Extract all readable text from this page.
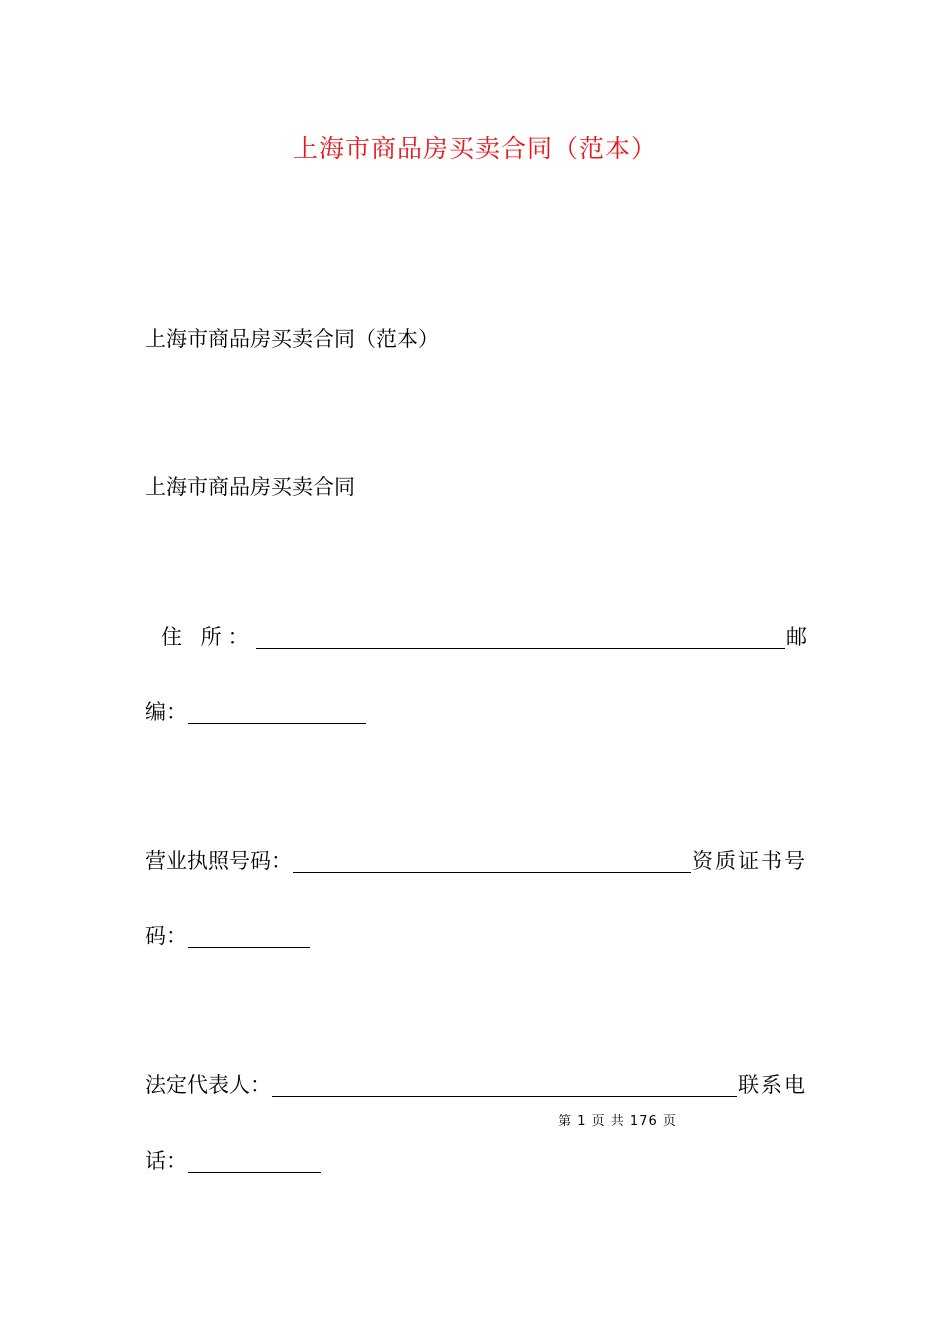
上海市商品房买卖合同（范本）
上海市商品房买卖合同（范本）
上海市商品房买卖合同
住 所：	邮
编：
营业执照号码：	资质证书号
码：
法定代表人：	联系电
第 1 页 共 176 页
话：
